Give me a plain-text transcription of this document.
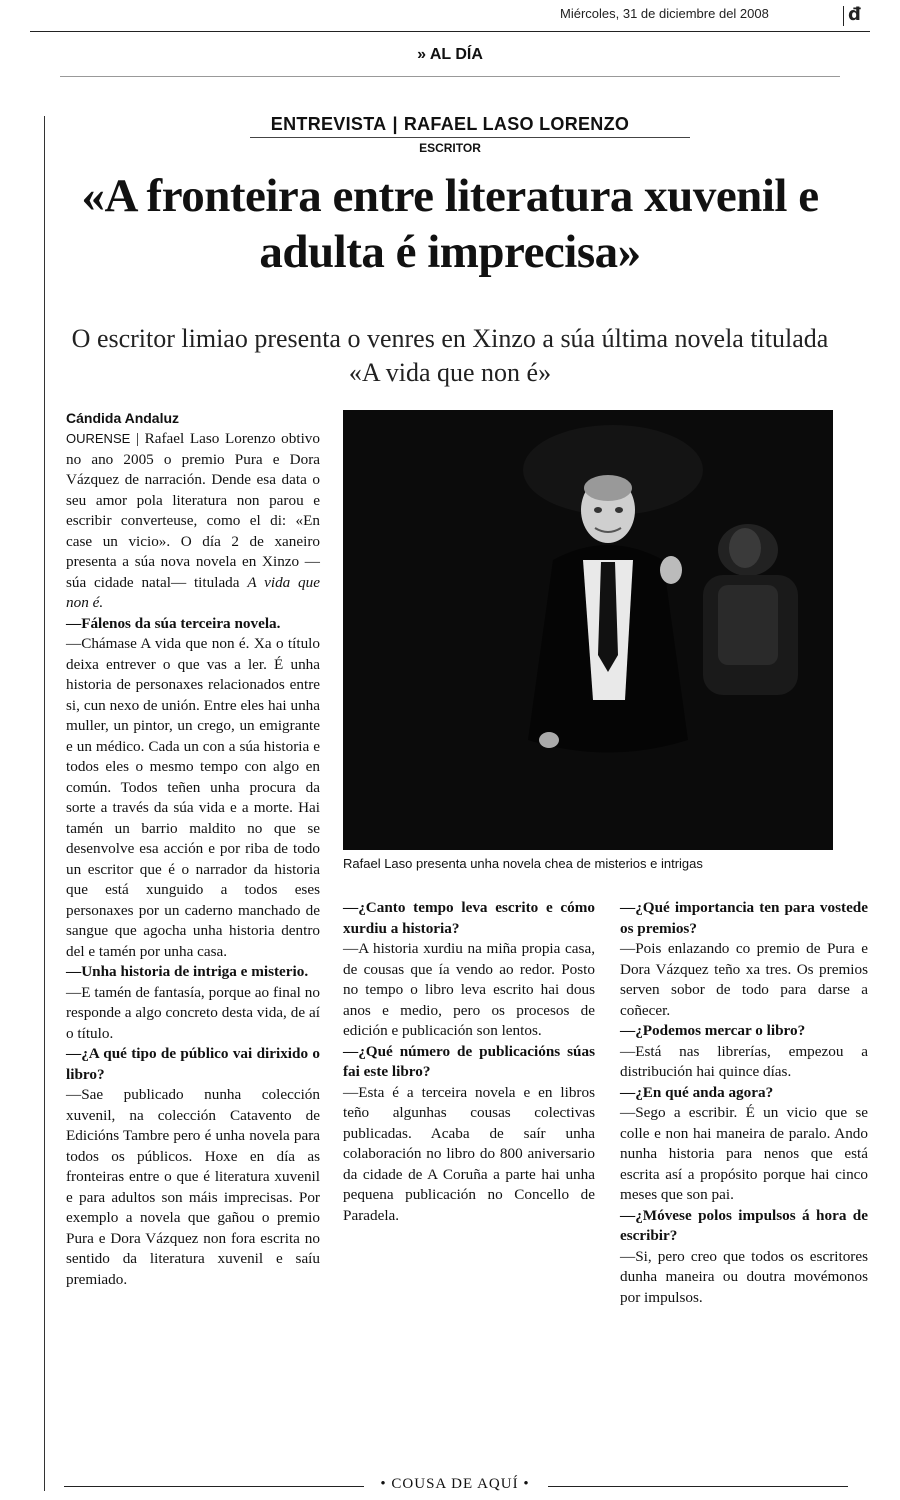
Miércoles, 31 de diciembre del 2008	đ
» AL DÍA
ENTREVISTA | RAFAEL LASO LORENZO
ESCRITOR
«A fronteira entre literatura xuvenil e adulta é imprecisa»
O escritor limiao presenta o venres en Xinzo a súa última novela titulada «A vida que non é»

Cándida Andaluz

OURENSE | Rafael Laso Lorenzo obtivo no ano 2005 o premio Pura e Dora Vázquez de narración. Dende esa data o seu amor pola literatura non parou e escribir converteuse, como el di: «En case un vicio». O día 2 de xaneiro presenta a súa nova novela en Xinzo —súa cidade natal— titulada A vida que non é.

—Fálenos da súa terceira novela.

—Chámase A vida que non é. Xa o título deixa entrever o que vas a ler. É unha historia de personaxes relacionados entre si, cun nexo de unión. Entre eles hai unha muller, un pintor, un crego, un emigrante e un médico. Cada un con a súa historia e todos eles o mesmo tempo con algo en común. Todos teñen unha procura da sorte a través da súa vida e a morte. Hai tamén un barrio maldito no que se desenvolve esa acción e por riba de todo un escritor que é o narrador da historia que está xunguido a todos eses personaxes por un caderno manchado de sangue que agocha unha historia dentro del e tamén por unha casa.

—Unha historia de intriga e misterio.

—E tamén de fantasía, porque ao final no responde a algo concreto desta vida, de aí o título.

—¿A qué tipo de público vai dirixido o libro?

—Sae publicado nunha colección xuvenil, na colección Catavento de Edicións Tambre pero é unha novela para todos os públicos. Hoxe en día as fronteiras entre o que é literatura xuvenil e para adultos son máis imprecisas. Por exemplo a novela que gañou o premio Pura e Dora Vázquez non fora escrita no sentido da literatura xuvenil e saíu premiado.

Rafael Laso presenta unha novela chea de misterios e intrigas

—¿Canto tempo leva escrito e cómo xurdiu a historia?

—A historia xurdiu na miña propia casa, de cousas que ía vendo ao redor. Posto no tempo o libro leva escrito hai dous anos e medio, pero os procesos de edición e publicación son lentos.

—¿Qué número de publicacións súas fai este libro?

—Esta é a terceira novela e en libros teño algunhas cousas colectivas publicadas. Acaba de saír unha colaboración no libro do 800 aniversario da cidade de A Coruña a parte hai unha pequena publicación no Concello de Paradela.

—¿Qué importancia ten para vostede os premios?

—Pois enlazando co premio de Pura e Dora Vázquez teño xa tres. Os premios serven sobor de todo para darse a coñecer.

—¿Podemos mercar o libro?

—Está nas librerías, empezou a distribución hai quince días.

—¿En qué anda agora?

—Sego a escribir. É un vicio que se colle e non hai maneira de paralo. Ando nunha historia para nenos que está escrita así a propósito porque hai cinco meses que son pai.

—¿Móvese polos impulsos á hora de escribir?

—Si, pero creo que todos os escritores dunha maneira ou doutra movémonos por impulsos.

• COUSA DE AQUÍ •
